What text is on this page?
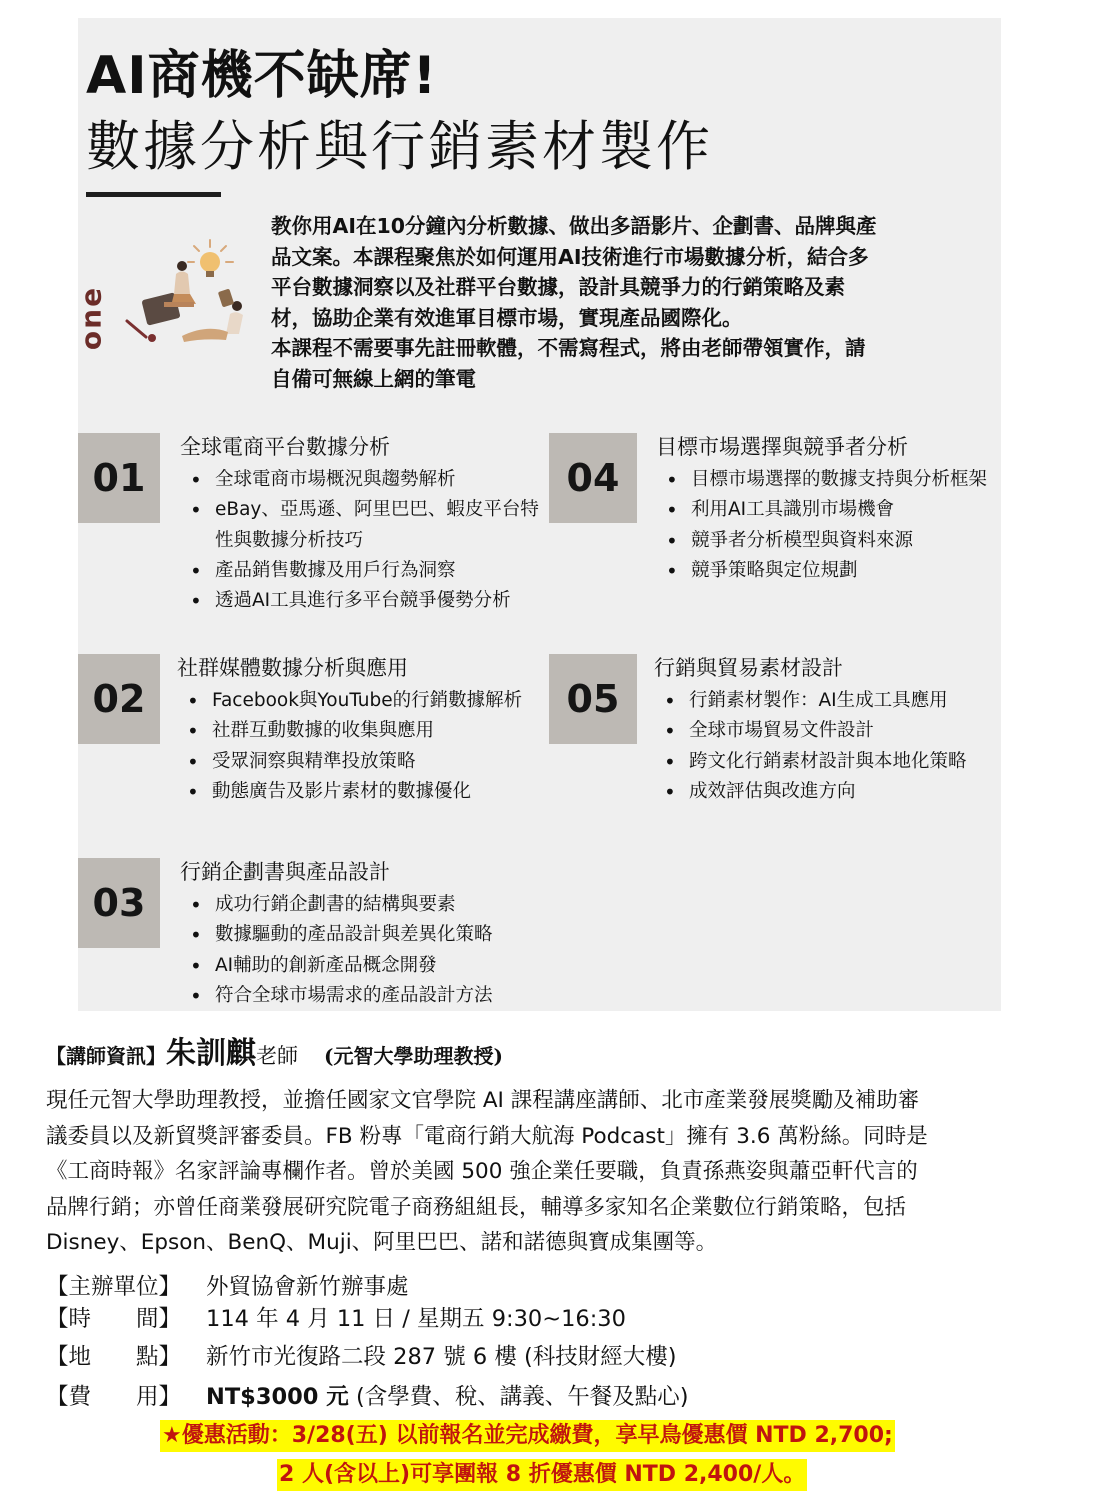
AI商機不缺席!
數據分析與行銷素材製作
one

教你用AI在10分鐘內分析數據、做出多語影片、企劃書、品牌與產

品文案。本課程聚焦於如何運用AI技術進行市場數據分析，結合多

平台數據洞察以及社群平台數據，設計具競爭力的行銷策略及素

材，協助企業有效進軍目標市場，實現產品國際化。

本課程不需要事先註冊軟體，不需寫程式，將由老師帶領實作，請

自備可無線上網的筆電

01
全球電商平台數據分析
• 全球電商市場概況與趨勢解析
• eBay、亞馬遜、阿里巴巴、蝦皮平台特性與數據分析技巧
• 產品銷售數據及用戶行為洞察
• 透過AI工具進行多平台競爭優勢分析
02
社群媒體數據分析與應用
• Facebook與YouTube的行銷數據解析
• 社群互動數據的收集與應用
• 受眾洞察與精準投放策略
• 動態廣告及影片素材的數據優化
03
行銷企劃書與產品設計
• 成功行銷企劃書的結構與要素
• 數據驅動的產品設計與差異化策略
• AI輔助的創新產品概念開發
• 符合全球市場需求的產品設計方法
04
目標市場選擇與競爭者分析
• 目標市場選擇的數據支持與分析框架
• 利用AI工具識別市場機會
• 競爭者分析模型與資料來源
• 競爭策略與定位規劃
05
行銷與貿易素材設計
• 行銷素材製作：AI生成工具應用
• 全球市場貿易文件設計
• 跨文化行銷素材設計與本地化策略
• 成效評估與改進方向
【講師資訊】朱訓麒老師 (元智大學助理教授)
現任元智大學助理教授，並擔任國家文官學院 AI 課程講座講師、北市產業發展獎勵及補助審
議委員以及新貿獎評審委員。FB 粉專「電商行銷大航海 Podcast」擁有 3.6 萬粉絲。同時是
《工商時報》名家評論專欄作者。曾於美國 500 強企業任要職，負責孫燕姿與蕭亞軒代言的
品牌行銷；亦曾任商業發展研究院電子商務組組長，輔導多家知名企業數位行銷策略，包括
Disney、Epson、BenQ、Muji、阿里巴巴、諾和諾德與寶成集團等。
【主辦單位】 外貿協會新竹辦事處
【時　　間】 114 年 4 月 11 日 / 星期五 9:30~16:30
【地　　點】 新竹市光復路二段 287 號 6 樓 (科技財經大樓)
【費　　用】 NT$3000 元 (含學費、稅、講義、午餐及點心)
★優惠活動：3/28(五) 以前報名並完成繳費，享早鳥優惠價 NTD 2,700;
2 人(含以上)可享團報 8 折優惠價 NTD 2,400/人。
